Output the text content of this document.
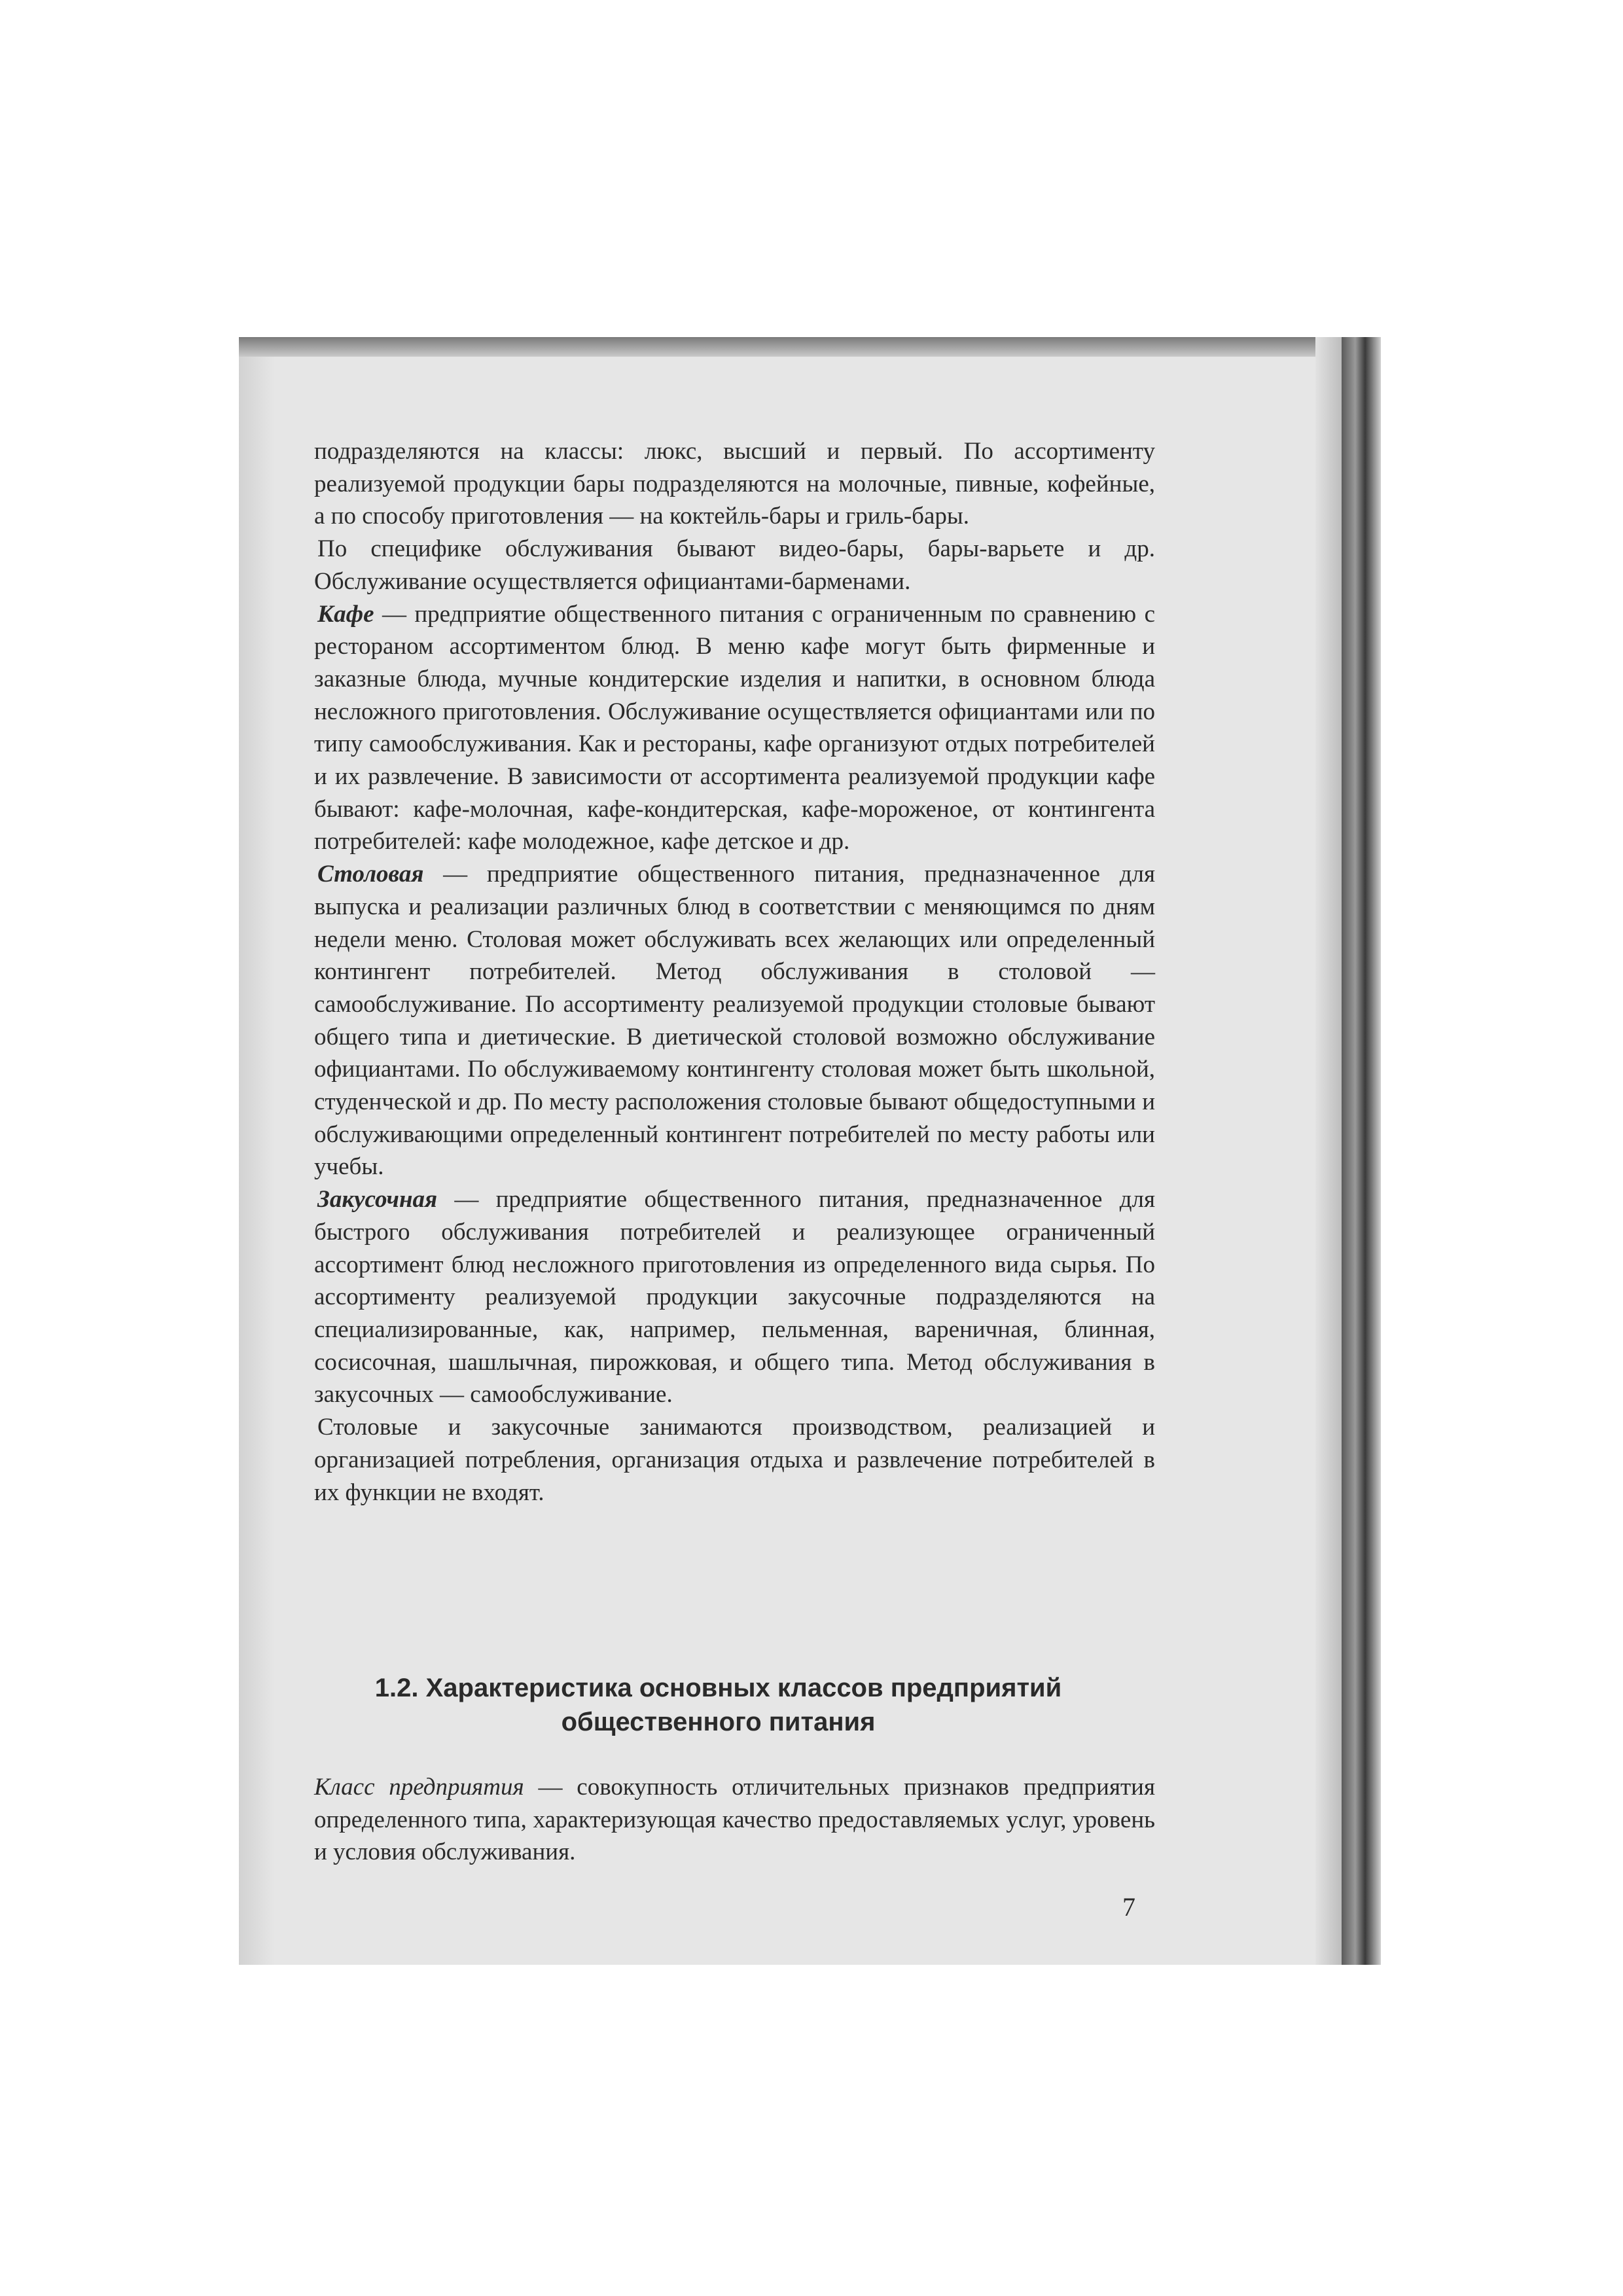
подразделяются на классы: люкс, высший и первый. По ассортименту реализуемой продукции бары подразделяются на молочные, пивные, кофейные, а по способу приготовления — на коктейль-бары и гриль-бары.

По специфике обслуживания бывают видео-бары, бары-варьете и др. Обслуживание осуществляется официантами-барменами.

Кафе — предприятие общественного питания с ограниченным по сравнению с рестораном ассортиментом блюд. В меню кафе могут быть фирменные и заказные блюда, мучные кондитерские изделия и напитки, в основном блюда несложного приготовления. Обслуживание осуществляется официантами или по типу самообслуживания. Как и рестораны, кафе организуют отдых потребителей и их развлечение. В зависимости от ассортимента реализуемой продукции кафе бывают: кафе-молочная, кафе-кондитерская, кафе-мороженое, от контингента потребителей: кафе молодежное, кафе детское и др.

Столовая — предприятие общественного питания, предназначенное для выпуска и реализации различных блюд в соответствии с меняющимся по дням недели меню. Столовая может обслуживать всех желающих или определенный контингент потребителей. Метод обслуживания в столовой — самообслуживание. По ассортименту реализуемой продукции столовые бывают общего типа и диетические. В диетической столовой возможно обслуживание официантами. По обслуживаемому контингенту столовая может быть школьной, студенческой и др. По месту расположения столовые бывают общедоступными и обслуживающими определенный контингент потребителей по месту работы или учебы.

Закусочная — предприятие общественного питания, предназначенное для быстрого обслуживания потребителей и реализующее ограниченный ассортимент блюд несложного приготовления из определенного вида сырья. По ассортименту реализуемой продукции закусочные подразделяются на специализированные, как, например, пельменная, вареничная, блинная, сосисочная, шашлычная, пирожковая, и общего типа. Метод обслуживания в закусочных — самообслуживание.

Столовые и закусочные занимаются производством, реализацией и организацией потребления, организация отдыха и развлечение потребителей в их функции не входят.

1.2. Характеристика основных классов предприятий
общественного питания

Класс предприятия — совокупность отличительных признаков предприятия определенного типа, характеризующая качество предоставляемых услуг, уровень и условия обслуживания.

7
